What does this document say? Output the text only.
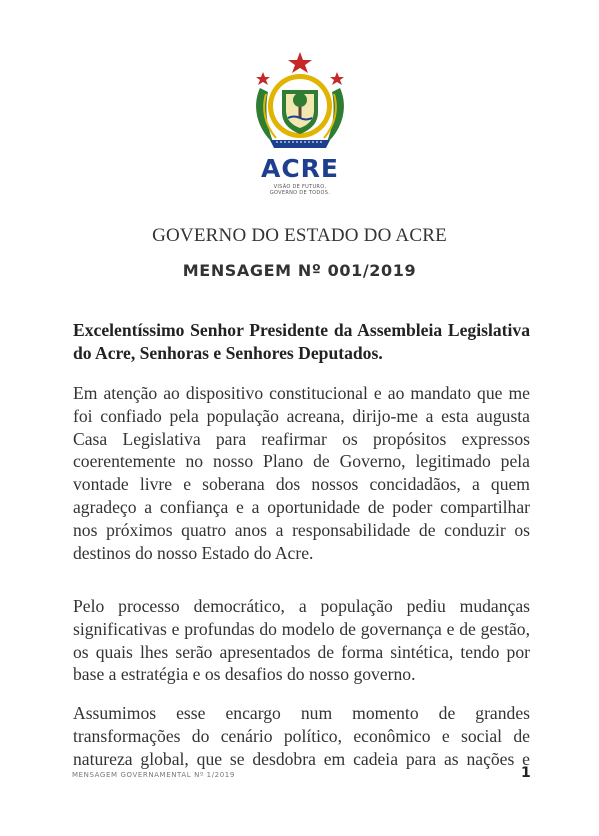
ACRE
VISÃO DE FUTURO,
GOVERNO DE TODOS.
GOVERNO DO ESTADO DO ACRE
MENSAGEM Nº 001/2019
Excelentíssimo Senhor Presidente da Assembleia Legislativa do Acre, Senhoras e Senhores Deputados.
Em atenção ao dispositivo constitucional e ao mandato que me foi confiado pela população acreana, dirijo-me a esta augusta Casa Legislativa para reafirmar os propósitos expressos coerentemente no nosso Plano de Governo, legitimado pela vontade livre e soberana dos nossos concidadãos, a quem agradeço a confiança e a oportunidade de poder compartilhar nos próximos quatro anos a responsabilidade de conduzir os destinos do nosso Estado do Acre.
Pelo processo democrático, a população pediu mudanças significativas e profundas do modelo de governança e de gestão, os quais lhes serão apresentados de forma sintética, tendo por base a estratégia e os desafios do nosso governo.
Assumimos esse encargo num momento de grandes transformações do cenário político, econômico e social de natureza global, que se desdobra em cadeia para as nações e
MENSAGEM GOVERNAMENTAL Nº 1/2019	1
